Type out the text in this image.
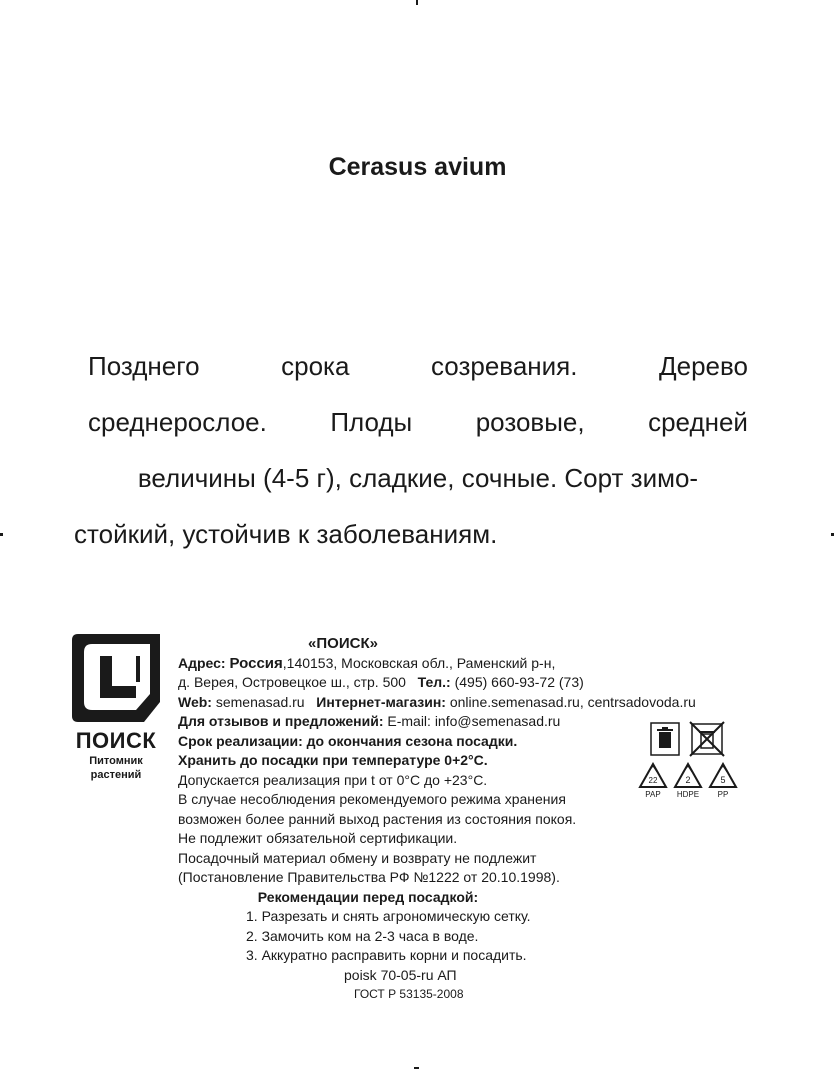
Cerasus avium
Позднего	срока	созревания.	Дерево
среднерослое. Плоды розовые, средней
величины (4-5 г), сладкие, сочные. Сорт зимо-
стойкий, устойчив к заболеваниям.
ПОИСК
Питомник
растений
«ПОИСК»
Адрес: Россия,140153, Московская обл., Раменский р-н,
д. Верея, Островецкое ш., стр. 500 Тел.: (495) 660-93-72 (73)
Web: semenasad.ru Интернет-магазин: online.semenasad.ru, centrsadovoda.ru
Для отзывов и предложений: E-mail: info@semenasad.ru
Срок реализации: до окончания сезона посадки.
Хранить до посадки при температуре 0+2°С.
Допускается реализация при t от 0°С до +23°С.
В случае несоблюдения рекомендуемого режима хранения
возможен более ранний выход растения из состояния покоя.
Не подлежит обязательной сертификации.
Посадочный материал обмену и возврату не подлежит
(Постановление Правительства РФ №1222 от 20.10.1998).
Рекомендации перед посадкой:
1. Разрезать и снять агрономическую сетку.
2. Замочить ком на 2-3 часа в воде.
3. Аккуратно расправить корни и посадить.
poisk 70-05-ru АП
ГОСТ Р 53135-2008
22
PAP
2
HDPE
5
PP
